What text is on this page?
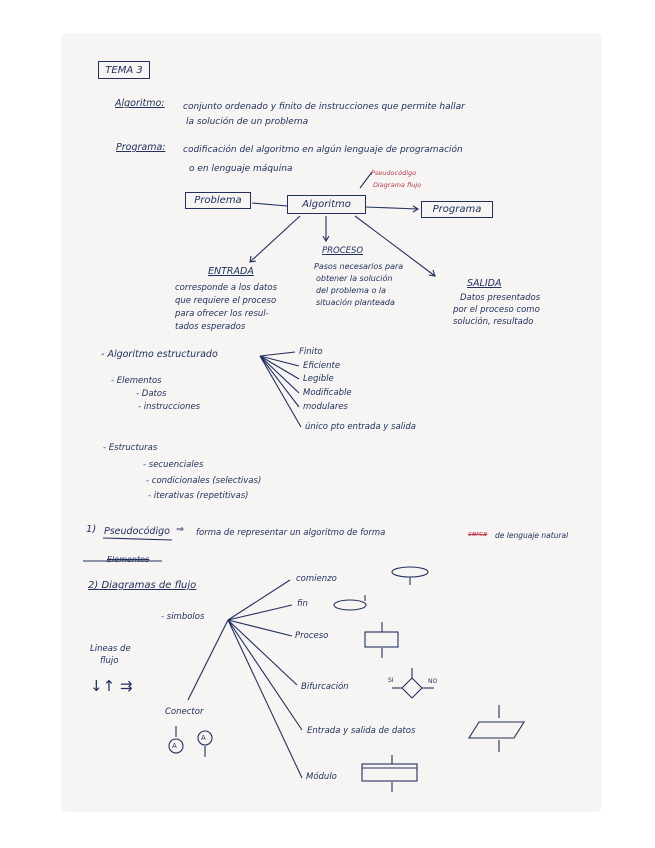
TEMA 3
Algoritmo: conjunto ordenado y finito de instrucciones que permite hallar
la solución de un problema
Programa: codificación del algoritmo en algún lenguaje de programación
o en lenguaje máquina	Pseudocódigo
Diagrama flujo
Problema	Algoritmo	Programa
ENTRADA
corresponde a los datos
que requiere el proceso
para ofrecer los resul-
tados esperados
PROCESO
Pasos necesarios para
obtener la solución
del problema o la
situación planteada
SALIDA
Datos presentados
por el proceso como
solución, resultado
- Algoritmo estructurado	Finito
Eficiente
Legible
Modificable
modulares
único pto entrada y salida
- Elementos
- Datos
- instrucciones
- Estructuras
- secuenciales
- condicionales (selectivas)
- iterativas (repetitivas)
1) Pseudocódigo ⇒ forma de representar un algoritmo de forma	cerca de lenguaje natural
Elementos
2) Diagramas de flujo
- simbolos
Lineas de
flujo
↓↑ ⇉
Conector
A
A
comienzo
fin
Proceso
Bifurcación
Entrada y salida de datos
Módulo
SI	NO
